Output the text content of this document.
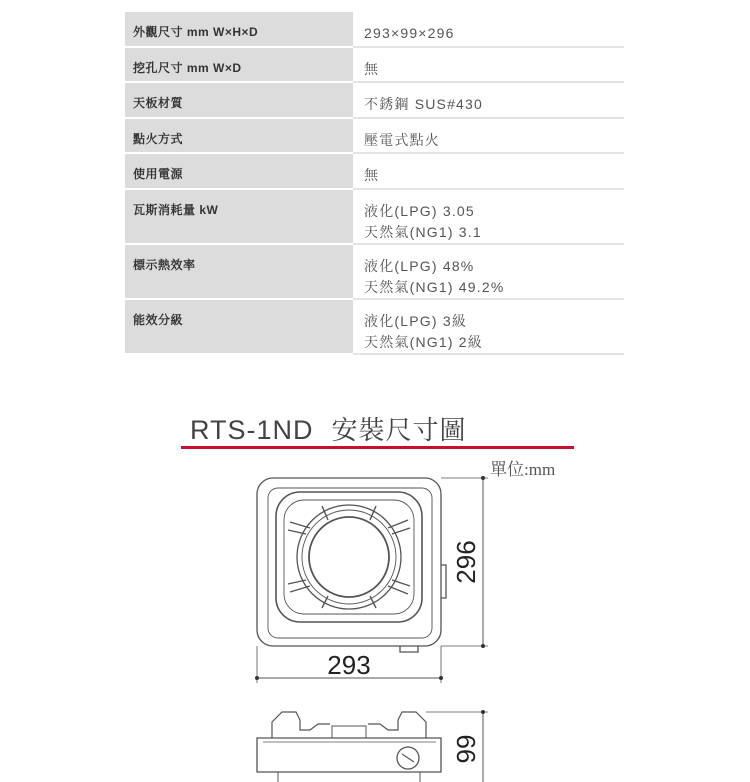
外觀尺寸 mm W×H×D	293×99×296
挖孔尺寸 mm W×D	無
天板材質	不銹鋼 SUS#430
點火方式	壓電式點火
使用電源	無
瓦斯消耗量 kW	液化(LPG) 3.05
天然氣(NG1) 3.1
標示熱效率	液化(LPG) 48%
天然氣(NG1) 49.2%
能效分級	液化(LPG) 3級
天然氣(NG1) 2級
RTS-1ND 安裝尺寸圖
單位:mm
296
293
99
